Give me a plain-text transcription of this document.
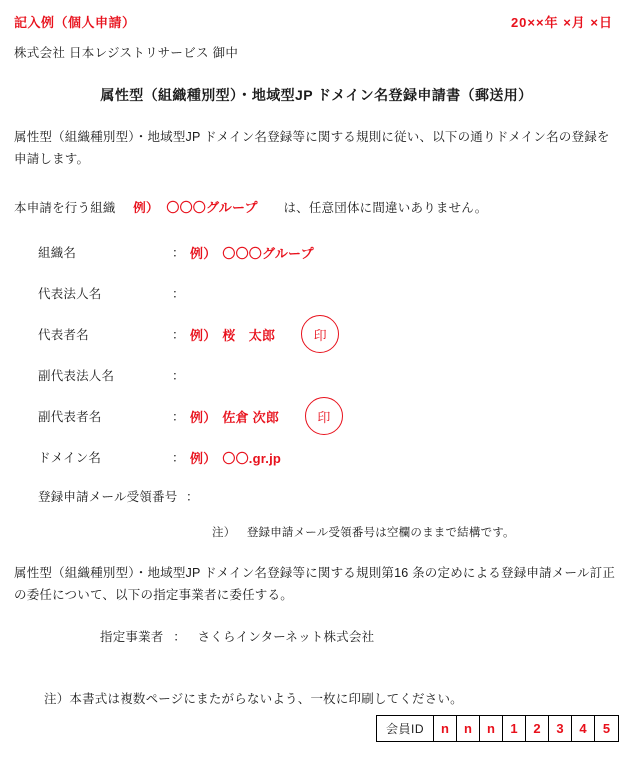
記入例（個人申請）	20××年 ×月 ×日
株式会社 日本レジストリサービス 御中
属性型（組織種別型）・地域型JP ドメイン名登録申請書（郵送用）
属性型（組織種別型）・地域型JP ドメイン名登録等に関する規則に従い、以下の通りドメイン名の登録を申請します。
本申請を行う組織 例） 〇〇〇グループ は、任意団体に間違いありません。
組織名	： 例） 〇〇〇グループ
代表法人名	：
代表者名	： 例） 桜　太郎	印
副代表法人名	：
副代表者名	： 例） 佐倉 次郎	印
ドメイン名	： 例） 〇〇.gr.jp
登録申請メール受領番号 ：
注） 登録申請メール受領番号は空欄のままで結構です。
属性型（組織種別型）・地域型JP ドメイン名登録等に関する規則第16 条の定めによる登録申請メール訂正の委任について、以下の指定事業者に委任する。
指定事業者 ： さくらインターネット株式会社
注）本書式は複数ページにまたがらないよう、一枚に印刷してください。
会員ID	n	n	n	1	2	3	4	5
